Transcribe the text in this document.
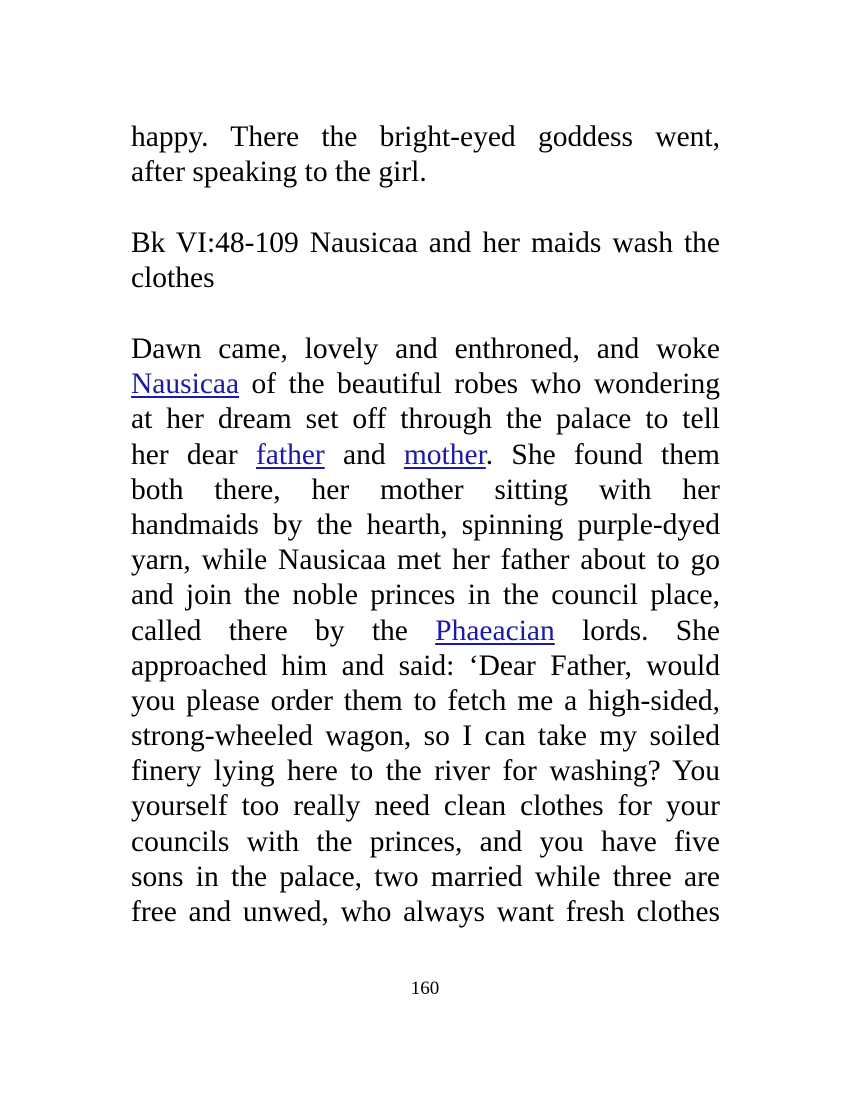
happy. There the bright-eyed goddess went,
after speaking to the girl.

Bk VI:48-109 Nausicaa and her maids wash the
clothes

Dawn came, lovely and enthroned, and woke
Nausicaa of the beautiful robes who wondering
at her dream set off through the palace to tell
her dear father and mother. She found them
both there, her mother sitting with her
handmaids by the hearth, spinning purple-dyed
yarn, while Nausicaa met her father about to go
and join the noble princes in the council place,
called there by the Phaeacian lords. She
approached him and said: ‘Dear Father, would
you please order them to fetch me a high-sided,
strong-wheeled wagon, so I can take my soiled
finery lying here to the river for washing? You
yourself too really need clean clothes for your
councils with the princes, and you have five
sons in the palace, two married while three are
free and unwed, who always want fresh clothes

160
